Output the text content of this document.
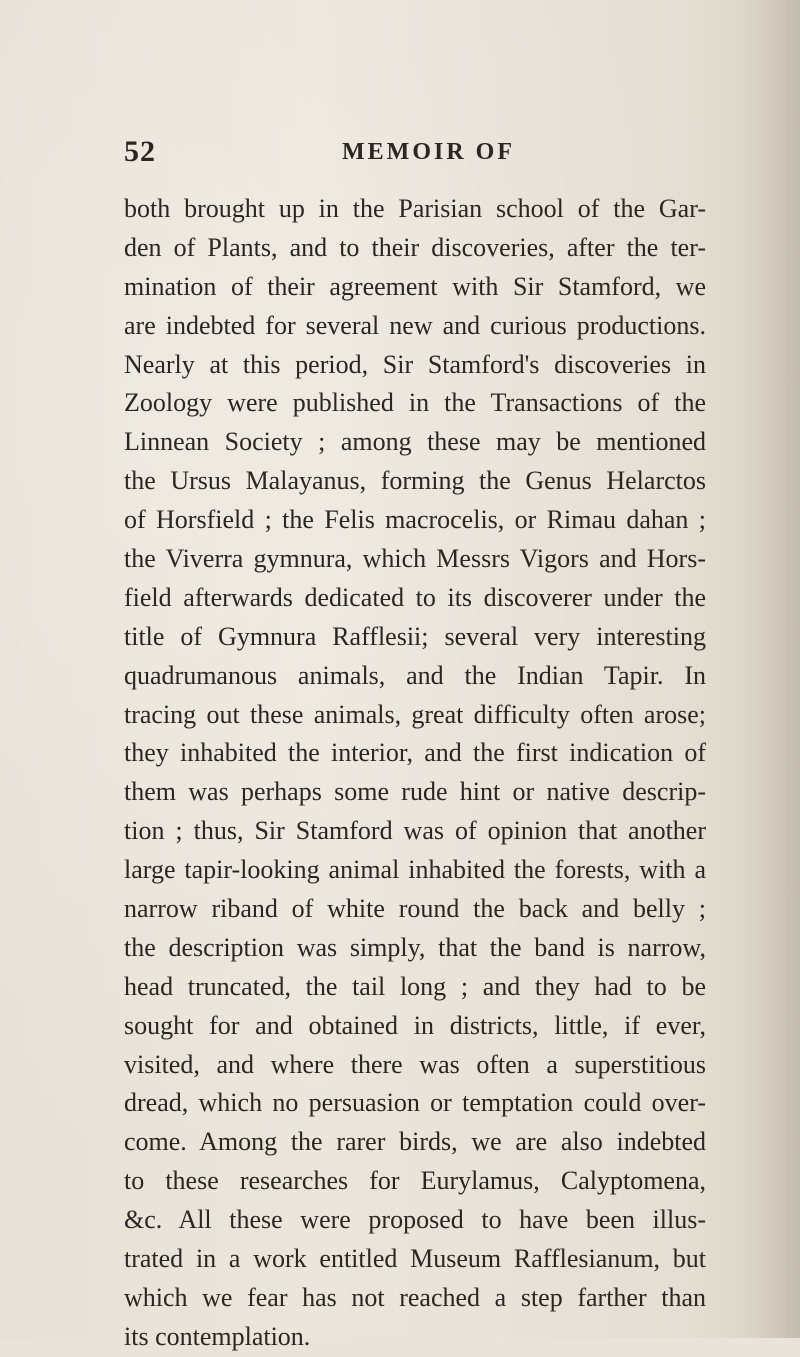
52	MEMOIR OF
both brought up in the Parisian school of the Gar-
den of Plants, and to their discoveries, after the ter-
mination of their agreement with Sir Stamford, we
are indebted for several new and curious productions.
Nearly at this period, Sir Stamford's discoveries in
Zoology were published in the Transactions of the
Linnean Society ; among these may be mentioned
the Ursus Malayanus, forming the Genus Helarctos
of Horsfield ; the Felis macrocelis, or Rimau dahan ;
the Viverra gymnura, which Messrs Vigors and Hors-
field afterwards dedicated to its discoverer under the
title of Gymnura Rafflesii; several very interesting
quadrumanous animals, and the Indian Tapir. In
tracing out these animals, great difficulty often arose;
they inhabited the interior, and the first indication of
them was perhaps some rude hint or native descrip-
tion ; thus, Sir Stamford was of opinion that another
large tapir-looking animal inhabited the forests, with a
narrow riband of white round the back and belly ;
the description was simply, that the band is narrow,
head truncated, the tail long ; and they had to be
sought for and obtained in districts, little, if ever,
visited, and where there was often a superstitious
dread, which no persuasion or temptation could over-
come. Among the rarer birds, we are also indebted
to these researches for Eurylamus, Calyptomena,
&c. All these were proposed to have been illus-
trated in a work entitled Museum Rafflesianum, but
which we fear has not reached a step farther than
its contemplation.
